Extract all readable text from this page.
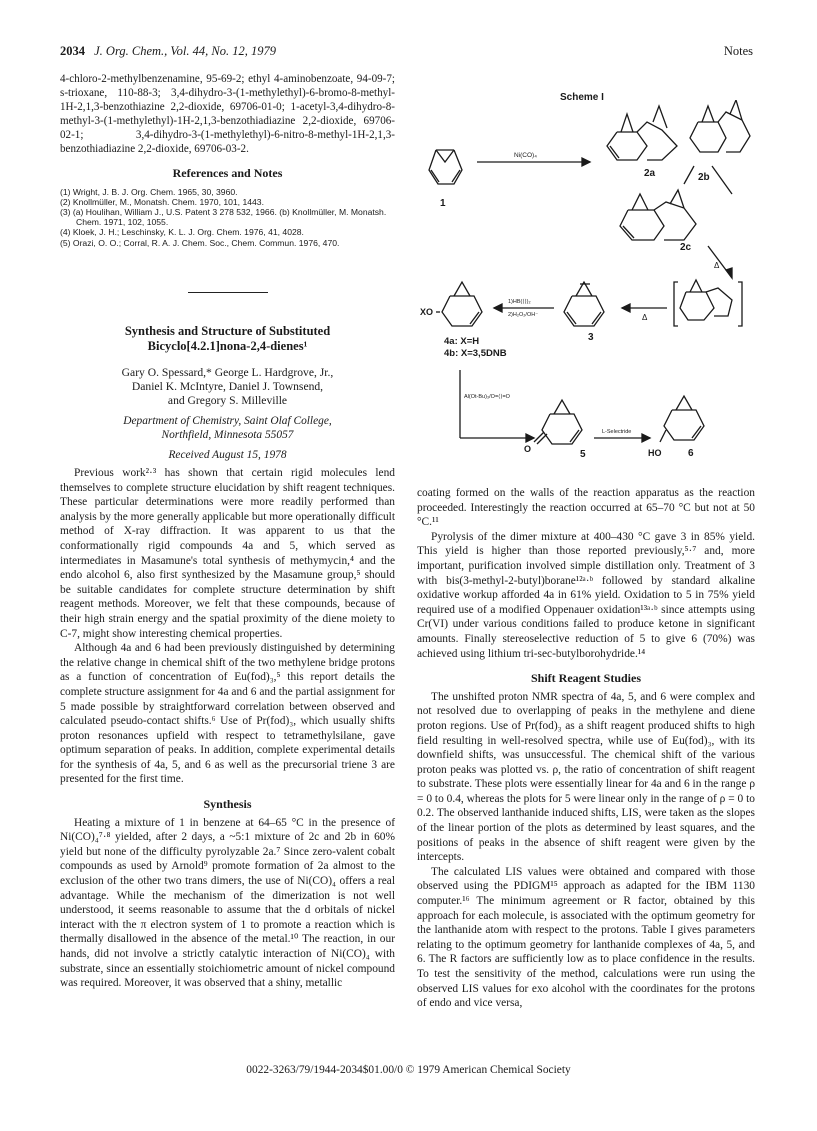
2034 J. Org. Chem., Vol. 44, No. 12, 1979	Notes

4-chloro-2-methylbenzenamine, 95-69-2; ethyl 4-aminobenzoate, 94-09-7; s-trioxane, 110-88-3; 3,4-dihydro-3-(1-methylethyl)-6-bromo-8-methyl-1H-2,1,3-benzothiazine 2,2-dioxide, 69706-01-0; 1-acetyl-3,4-dihydro-8-methyl-3-(1-methylethyl)-1H-2,1,3-benzothiadiazine 2,2-dioxide, 69706-02-1; 3,4-dihydro-3-(1-methylethyl)-6-nitro-8-methyl-1H-2,1,3-benzothiadiazine 2,2-dioxide, 69706-03-2.

References and Notes

(1) Wright, J. B. J. Org. Chem. 1965, 30, 3960.
(2) Knollmüller, M., Monatsh. Chem. 1970, 101, 1443.
(3) (a) Houlihan, William J., U.S. Patent 3 278 532, 1966. (b) Knollmüller, M. Monatsh. Chem. 1971, 102, 1055.
(4) Kloek, J. H.; Leschinsky, K. L. J. Org. Chem. 1976, 41, 4028.
(5) Orazi, O. O.; Corral, R. A. J. Chem. Soc., Chem. Commun. 1976, 470.

Synthesis and Structure of Substituted

Bicyclo[4.2.1]nona-2,4-dienes¹

Gary O. Spessard,* George L. Hardgrove, Jr.,

Daniel K. McIntyre, Daniel J. Townsend,

and Gregory S. Milleville

Department of Chemistry, Saint Olaf College,

Northfield, Minnesota 55057

Received August 15, 1978

Previous work²·³ has shown that certain rigid molecules lend themselves to complete structure elucidation by shift reagent techniques. These particular determinations were more readily performed than analysis by the more generally applicable but more operationally difficult method of X-ray diffraction. It was apparent to us that the conformationally rigid compounds 4a and 5, which served as intermediates in Masamune's total synthesis of methymycin,⁴ and the endo alcohol 6, also first synthesized by the Masamune group,⁵ should be suitable candidates for complete structure determination by shift reagent methods. Moreover, we felt that these compounds, because of their high strain energy and the spatial proximity of the diene moiety to C-7, might show interesting chemical properties.

Although 4a and 6 had been previously distinguished by determining the relative change in chemical shift of the two methylene bridge protons as a function of concentration of Eu(fod)₃,⁵ this report details the complete structure assignment for 4a and 6 and the partial assignment for 5 made possible by straightforward correlation between observed and calculated pseudo-contact shifts.⁶ Use of Pr(fod)₃, which usually shifts proton resonances upfield with respect to tetramethylsilane, gave optimum separation of peaks. In addition, complete experimental details for the synthesis of 4a, 5, and 6 as well as the precursorial triene 3 are presented for the first time.

Synthesis

Heating a mixture of 1 in benzene at 64–65 °C in the presence of Ni(CO)₄⁷·⁸ yielded, after 2 days, a ~5:1 mixture of 2c and 2b in 60% yield but none of the difficulty pyrolyzable 2a.⁷ Since zero-valent cobalt compounds as used by Arnold⁹ promote formation of 2a almost to the exclusion of the other two trans dimers, the use of Ni(CO)₄ offers a real advantage. While the mechanism of the dimerization is not well understood, it seems reasonable to assume that the d orbitals of nickel interact with the π electron system of 1 to promote a reaction which is thermally disallowed in the absence of the metal.¹⁰ The reaction, in our hands, did not involve a strictly catalytic interaction of Ni(CO)₄ with substrate, since an essentially stoichiometric amount of nickel compound was required. Moreover, it was observed that a shiny, metallic

Scheme I
1
Ni(CO)₄
2a	2b
2c
Δ
Δ
3
1)HB(⟨⟩)₂
2)H₂O₂/OH⁻
XO
4a: X=H
4b: X=3,5DNB
Al(Ot-Bu)₃/O=⟨⟩=O
O	5
L-Selectride
HO	6

coating formed on the walls of the reaction apparatus as the reaction proceeded. Interestingly the reaction occurred at 65–70 °C but not at 50 °C.¹¹

Pyrolysis of the dimer mixture at 400–430 °C gave 3 in 85% yield. This yield is higher than those reported previously,⁵·⁷ and, more important, purification involved simple distillation only. Treatment of 3 with bis(3-methyl-2-butyl)borane¹²ᵃ·ᵇ followed by standard alkaline oxidative workup afforded 4a in 61% yield. Oxidation to 5 in 75% yield required use of a modified Oppenauer oxidation¹³ᵃ·ᵇ since attempts using Cr(VI) under various conditions failed to produce ketone in significant amounts. Finally stereoselective reduction of 5 to give 6 (70%) was achieved using lithium tri-sec-butylborohydride.¹⁴

Shift Reagent Studies

The unshifted proton NMR spectra of 4a, 5, and 6 were complex and not resolved due to overlapping of peaks in the methylene and diene proton regions. Use of Pr(fod)₃ as a shift reagent produced shifts to high field resulting in well-resolved spectra, while use of Eu(fod)₃, with its downfield shifts, was unsuccessful. The chemical shift of the various proton peaks was plotted vs. ρ, the ratio of concentration of shift reagent to substrate. These plots were essentially linear for 4a and 6 in the range ρ = 0 to 0.4, whereas the plots for 5 were linear only in the range of ρ = 0 to 0.2. The observed lanthanide induced shifts, LIS, were taken as the slopes of the linear portion of the plots as determined by least squares, and the positions of peaks in the absence of shift reagent were given by the intercepts.

The calculated LIS values were obtained and compared with those observed using the PDIGM¹⁵ approach as adapted for the IBM 1130 computer.¹⁶ The minimum agreement or R factor, obtained by this approach for each molecule, is associated with the optimum geometry for the lanthanide atom with respect to the protons. Table I gives parameters relating to the optimum geometry for lanthanide complexes of 4a, 5, and 6. The R factors are sufficiently low as to place confidence in the results. To test the sensitivity of the method, calculations were run using the observed LIS values for exo alcohol with the coordinates for the protons of endo and vice versa,

0022-3263/79/1944-2034$01.00/0 © 1979 American Chemical Society
